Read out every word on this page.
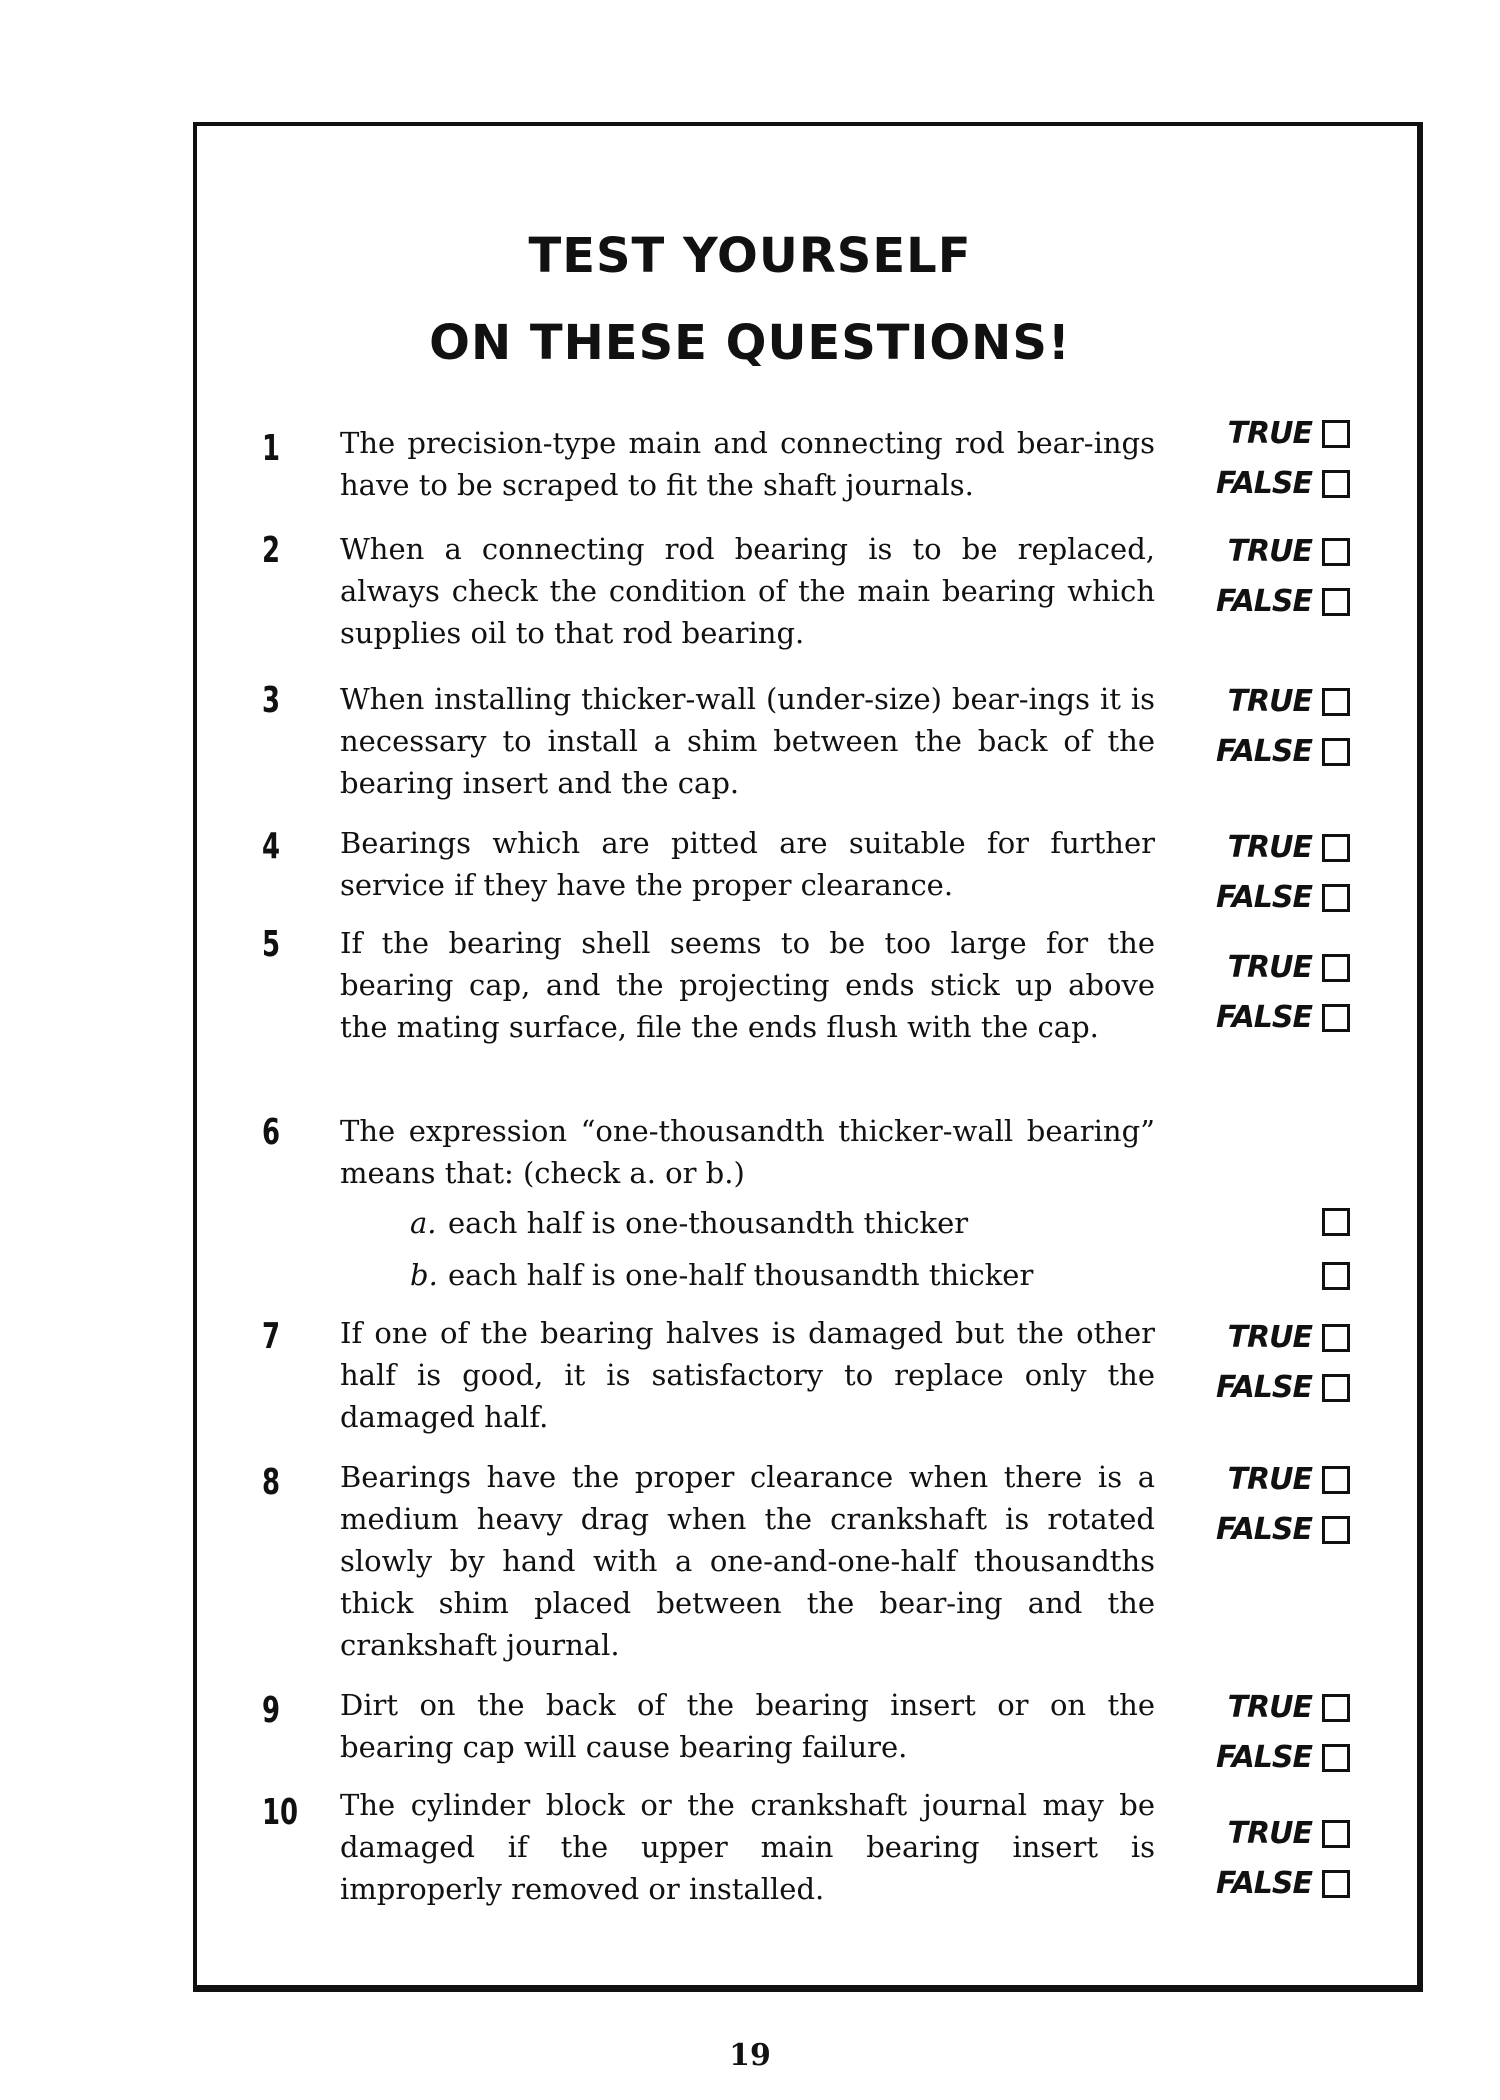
TEST YOURSELF
ON THESE QUESTIONS!
1	The precision-type main and connecting rod bear-ings have to be scraped to fit the shaft journals.
TRUE
FALSE
2	When a connecting rod bearing is to be replaced, always check the condition of the main bearing which supplies oil to that rod bearing.
TRUE
FALSE
3	When installing thicker-wall (under-size) bear-ings it is necessary to install a shim between the back of the bearing insert and the cap.
TRUE
FALSE
4	Bearings which are pitted are suitable for further service if they have the proper clearance.
TRUE
FALSE
5	If the bearing shell seems to be too large for the bearing cap, and the projecting ends stick up above the mating surface, file the ends flush with the cap.
TRUE
FALSE
6	The expression “one-thousandth thicker-wall bearing” means that: (check a. or b.)
a. each half is one-thousandth thicker
b. each half is one-half thousandth thicker
7	If one of the bearing halves is damaged but the other half is good, it is satisfactory to replace only the damaged half.
TRUE
FALSE
8	Bearings have the proper clearance when there is a medium heavy drag when the crankshaft is rotated slowly by hand with a one-and-one-half thousandths thick shim placed between the bear-ing and the crankshaft journal.
TRUE
FALSE
9	Dirt on the back of the bearing insert or on the bearing cap will cause bearing failure.
TRUE
FALSE
10 The cylinder block or the crankshaft journal may be damaged if the upper main bearing insert is improperly removed or installed.
TRUE
FALSE
19
